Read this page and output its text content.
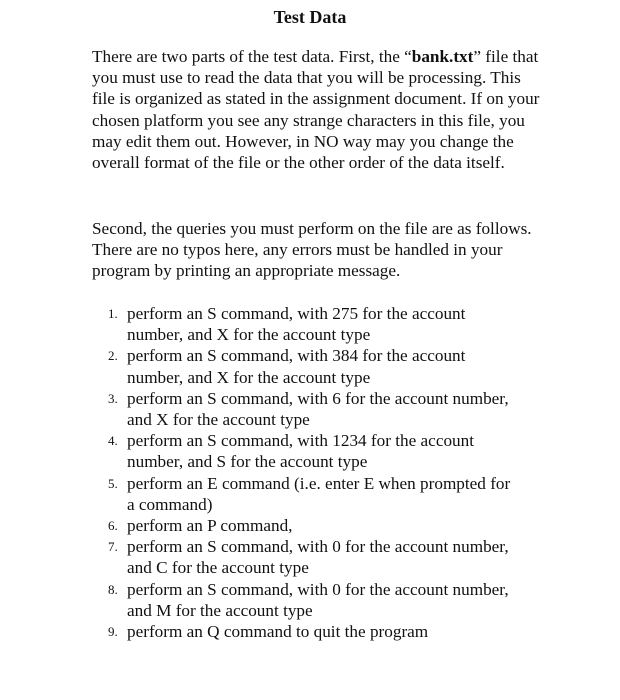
Test Data

There are two parts of the test data. First, the “bank.txt” file that you must use to read the data that you will be processing. This file is organized as stated in the assignment document. If on your chosen platform you see any strange characters in this file, you may edit them out. However, in NO way may you change the overall format of the file or the other order of the data itself.

Second, the queries you must perform on the file are as follows. There are no typos here, any errors must be handled in your program by printing an appropriate message.

1. perform an S command, with 275 for the account
number, and X for the account type
2. perform an S command, with 384 for the account
number, and X for the account type
3. perform an S command, with 6 for the account number,
and X for the account type
4. perform an S command, with 1234 for the account
number, and S for the account type
5. perform an E command (i.e. enter E when prompted for
a command)
6. perform an P command,
7. perform an S command, with 0 for the account number,
and C for the account type
8. perform an S command, with 0 for the account number,
and M for the account type
9. perform an Q command to quit the program
